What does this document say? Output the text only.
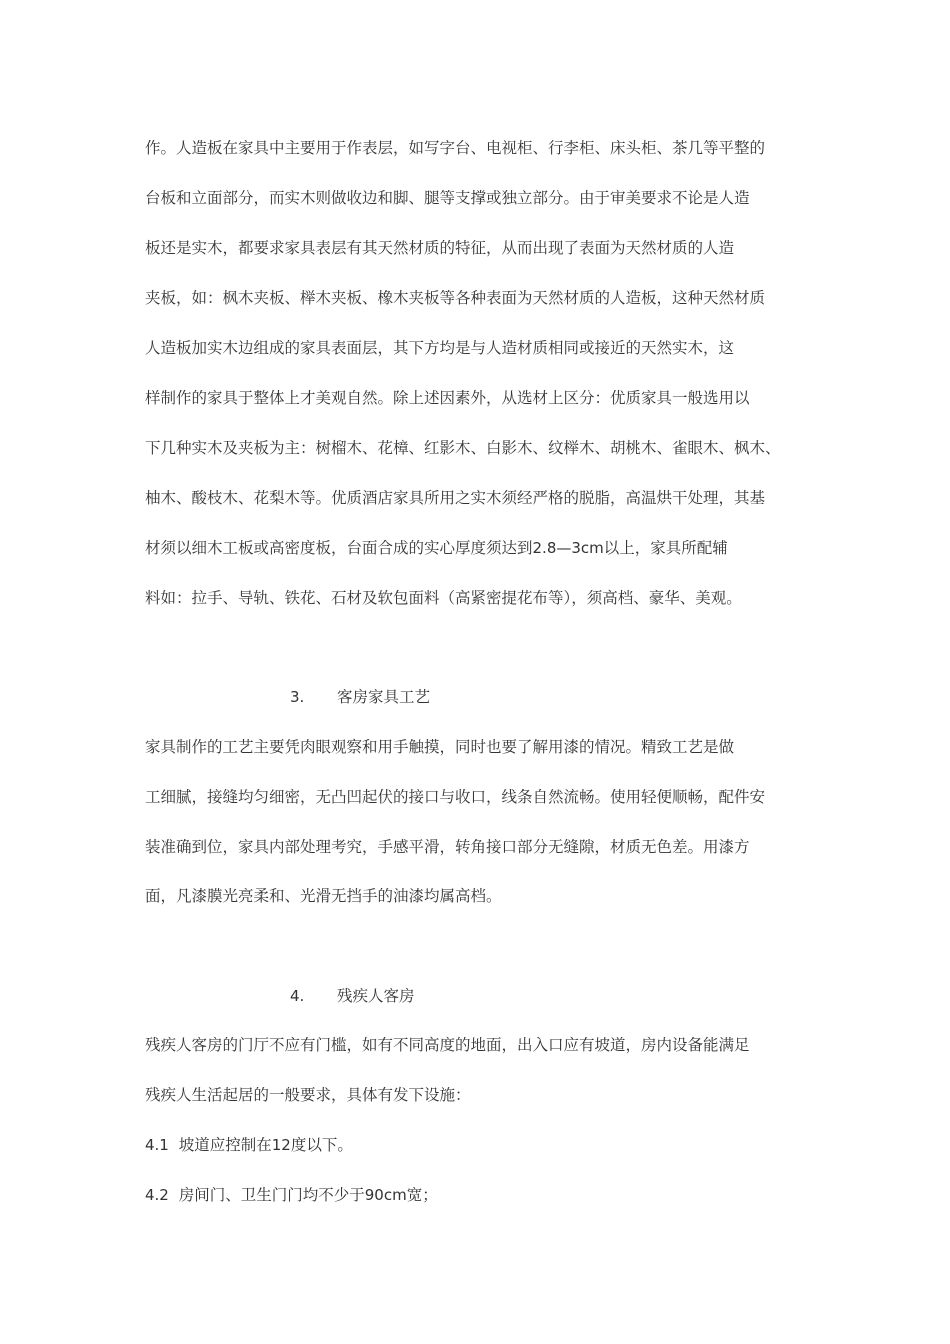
作。人造板在家具中主要用于作表层，如写字台、电视柜、行李柜、床头柜、茶几等平整的
台板和立面部分，而实木则做收边和脚、腿等支撑或独立部分。由于审美要求不论是人造
板还是实木，都要求家具表层有其天然材质的特征，从而出现了表面为天然材质的人造
夹板，如：枫木夹板、榉木夹板、橡木夹板等各种表面为天然材质的人造板，这种天然材质
人造板加实木边组成的家具表面层，其下方均是与人造材质相同或接近的天然实木，这
样制作的家具于整体上才美观自然。除上述因素外，从选材上区分：优质家具一般选用以
下几种实木及夹板为主：树榴木、花樟、红影木、白影木、纹榉木、胡桃木、雀眼木、枫木、
柚木、酸枝木、花梨木等。优质酒店家具所用之实木须经严格的脱脂，高温烘干处理，其基
材须以细木工板或高密度板，台面合成的实心厚度须达到2.8—3cm以上，家具所配辅
料如：拉手、导轨、铁花、石材及软包面料（高紧密提花布等），须高档、豪华、美观。
3.	客房家具工艺
家具制作的工艺主要凭肉眼观察和用手触摸，同时也要了解用漆的情况。精致工艺是做
工细腻，接缝均匀细密，无凸凹起伏的接口与收口，线条自然流畅。使用轻便顺畅，配件安
装准确到位，家具内部处理考究，手感平滑，转角接口部分无缝隙，材质无色差。用漆方
面，凡漆膜光亮柔和、光滑无挡手的油漆均属高档。
4.	残疾人客房
残疾人客房的门厅不应有门槛，如有不同高度的地面，出入口应有坡道，房内设备能满足
残疾人生活起居的一般要求，具体有发下设施：
4.1 坡道应控制在12度以下。
4.2 房间门、卫生门门均不少于90cm宽；
